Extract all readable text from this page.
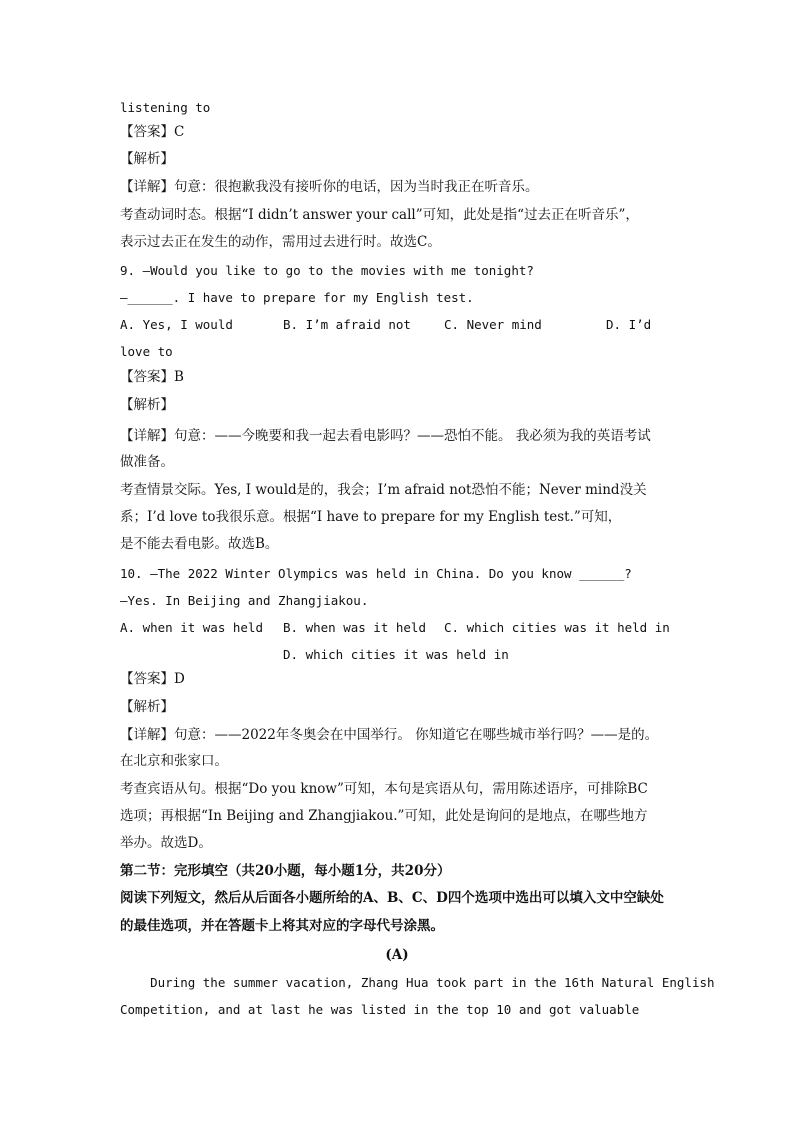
listening to
【答案】C
【解析】
【详解】句意：很抱歉我没有接听你的电话，因为当时我正在听音乐。
考查动词时态。根据“I didn’t answer your call”可知，此处是指“过去正在听音乐”，
表示过去正在发生的动作，需用过去进行时。故选C。
9. —Would you like to go to the movies with me tonight?
—______. I have to prepare for my English test.
A. Yes, I would	B. I’m afraid not	C. Never mind	D. I’d
love to
【答案】B
【解析】
【详解】句意：——今晚要和我一起去看电影吗？——恐怕不能。 我必须为我的英语考试
做准备。
考查情景交际。Yes, I would是的，我会；I’m afraid not恐怕不能；Never mind没关
系；I’d love to我很乐意。根据“I have to prepare for my English test.”可知，
是不能去看电影。故选B。
10. —The 2022 Winter Olympics was held in China. Do you know ______?
—Yes. In Beijing and Zhangjiakou.
A. when it was held B. when was it held C. which cities was it held in
D. which cities it was held in
【答案】D
【解析】
【详解】句意：——2022年冬奥会在中国举行。 你知道它在哪些城市举行吗？——是的。
在北京和张家口。
考查宾语从句。根据“Do you know”可知，本句是宾语从句，需用陈述语序，可排除BC
选项；再根据“In Beijing and Zhangjiakou.”可知，此处是询问的是地点，在哪些地方
举办。故选D。
第二节：完形填空（共20小题，每小题1分，共20分）
阅读下列短文，然后从后面各小题所给的A、B、C、D四个选项中选出可以填入文中空缺处
的最佳选项，并在答题卡上将其对应的字母代号涂黑。
(A)
During the summer vacation, Zhang Hua took part in the 16th Natural English
Competition, and at last he was listed in the top 10 and got valuable
